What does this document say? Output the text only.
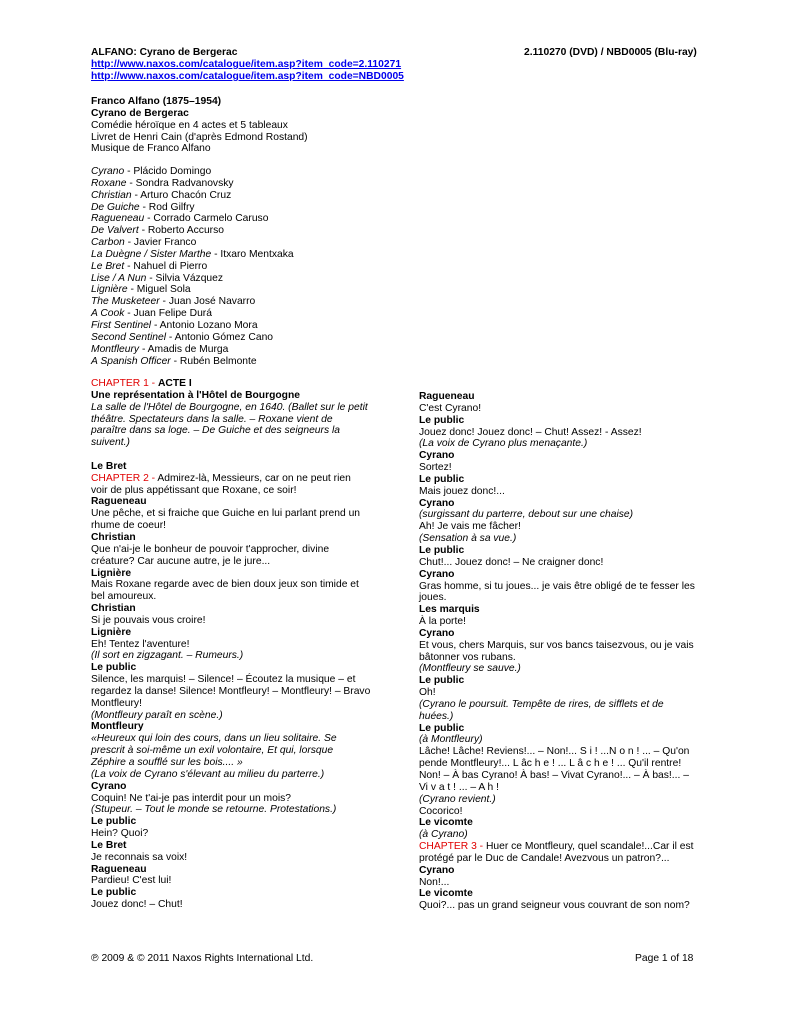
ALFANO: Cyrano de Bergerac
http://www.naxos.com/catalogue/item.asp?item_code=2.110271
http://www.naxos.com/catalogue/item.asp?item_code=NBD0005
2.110270 (DVD) / NBD0005 (Blu-ray)
Franco Alfano (1875–1954)
Cyrano de Bergerac
Comédie héroïque en 4 actes et 5 tableaux
Livret de Henri Cain (d'après Edmond Rostand)
Musique de Franco Alfano
Cyrano - Plácido Domingo
Roxane - Sondra Radvanovsky
Christian - Arturo Chacón Cruz
De Guiche - Rod Gilfry
Ragueneau - Corrado Carmelo Caruso
De Valvert - Roberto Accurso
Carbon - Javier Franco
La Duègne / Sister Marthe - Itxaro Mentxaka
Le Bret - Nahuel di Pierro
Lise / A Nun - Silvia Vázquez
Lignière - Miguel Sola
The Musketeer - Juan José Navarro
A Cook - Juan Felipe Durá
First Sentinel - Antonio Lozano Mora
Second Sentinel - Antonio Gómez Cano
Montfleury - Amadis de Murga
A Spanish Officer - Rubén Belmonte
CHAPTER 1 - ACTE I
Une représentation à l'Hôtel de Bourgogne
La salle de l'Hôtel de Bourgogne, en 1640. (Ballet sur le petit
théâtre. Spectateurs dans la salle. – Roxane vient de
paraître dans sa loge. – De Guiche et des seigneurs la
suivent.)
Le Bret
CHAPTER 2 - Admirez-là, Messieurs, car on ne peut rien
voir de plus appétissant que Roxane, ce soir!
Ragueneau
Une pêche, et si fraiche que Guiche en lui parlant prend un
rhume de coeur!
Christian
Que n'ai-je le bonheur de pouvoir t'approcher, divine
créature? Car aucune autre, je le jure...
Lignière
Mais Roxane regarde avec de bien doux jeux son timide et
bel amoureux.
Christian
Si je pouvais vous croire!
Lignière
Eh! Tentez l'aventure!
(Il sort en zigzagant. – Rumeurs.)
Le public
Silence, les marquis! – Silence! – Écoutez la musique – et
regardez la danse! Silence! Montfleury! – Montfleury! – Bravo
Montfleury!
(Montfleury paraît en scène.)
Montfleury
«Heureux qui loin des cours, dans un lieu solitaire. Se
prescrit à soi-même un exil volontaire, Et qui, lorsque
Zéphire a soufflé sur les bois.... »
(La voix de Cyrano s'élevant au milieu du parterre.)
Cyrano
Coquin! Ne t'ai-je pas interdit pour un mois?
(Stupeur. – Tout le monde se retourne. Protestations.)
Le public
Hein? Quoi?
Le Bret
Je reconnais sa voix!
Ragueneau
Pardieu! C'est lui!
Le public
Jouez donc! – Chut!
Ragueneau
C'est Cyrano!
Le public
Jouez donc! Jouez donc! – Chut! Assez! - Assez!
(La voix de Cyrano plus menaçante.)
Cyrano
Sortez!
Le public
Mais jouez donc!...
Cyrano
(surgissant du parterre, debout sur une chaise)
Ah! Je vais me fâcher!
(Sensation à sa vue.)
Le public
Chut!... Jouez donc! – Ne craigner donc!
Cyrano
Gras homme, si tu joues... je vais être obligé de te fesser les
joues.
Les marquis
À la porte!
Cyrano
Et vous, chers Marquis, sur vos bancs taisezvous, ou je vais
bâtonner vos rubans.
(Montfleury se sauve.)
Le public
Oh!
(Cyrano le poursuit. Tempête de rires, de sifflets et de
huées.)
Le public
(à Montfleury)
Lâche! Lâche! Reviens!... – Non!... S i ! ...N o n ! ... – Qu'on
pende Montfleury!... L âc h e ! ... L â c h e ! ... Qu'il rentre!
Non! – À bas Cyrano! À bas! – Vivat Cyrano!... – À bas!... –
Vi v a t ! ... – A h !
(Cyrano revient.)
Cocorico!
Le vicomte
(à Cyrano)
CHAPTER 3 - Huer ce Montfleury, quel scandale!...Car il est
protégé par le Duc de Candale! Avezvous un patron?...
Cyrano
Non!...
Le vicomte
Quoi?... pas un grand seigneur vous couvrant de son nom?
℗ 2009 & © 2011 Naxos Rights International Ltd.	Page 1 of 18
